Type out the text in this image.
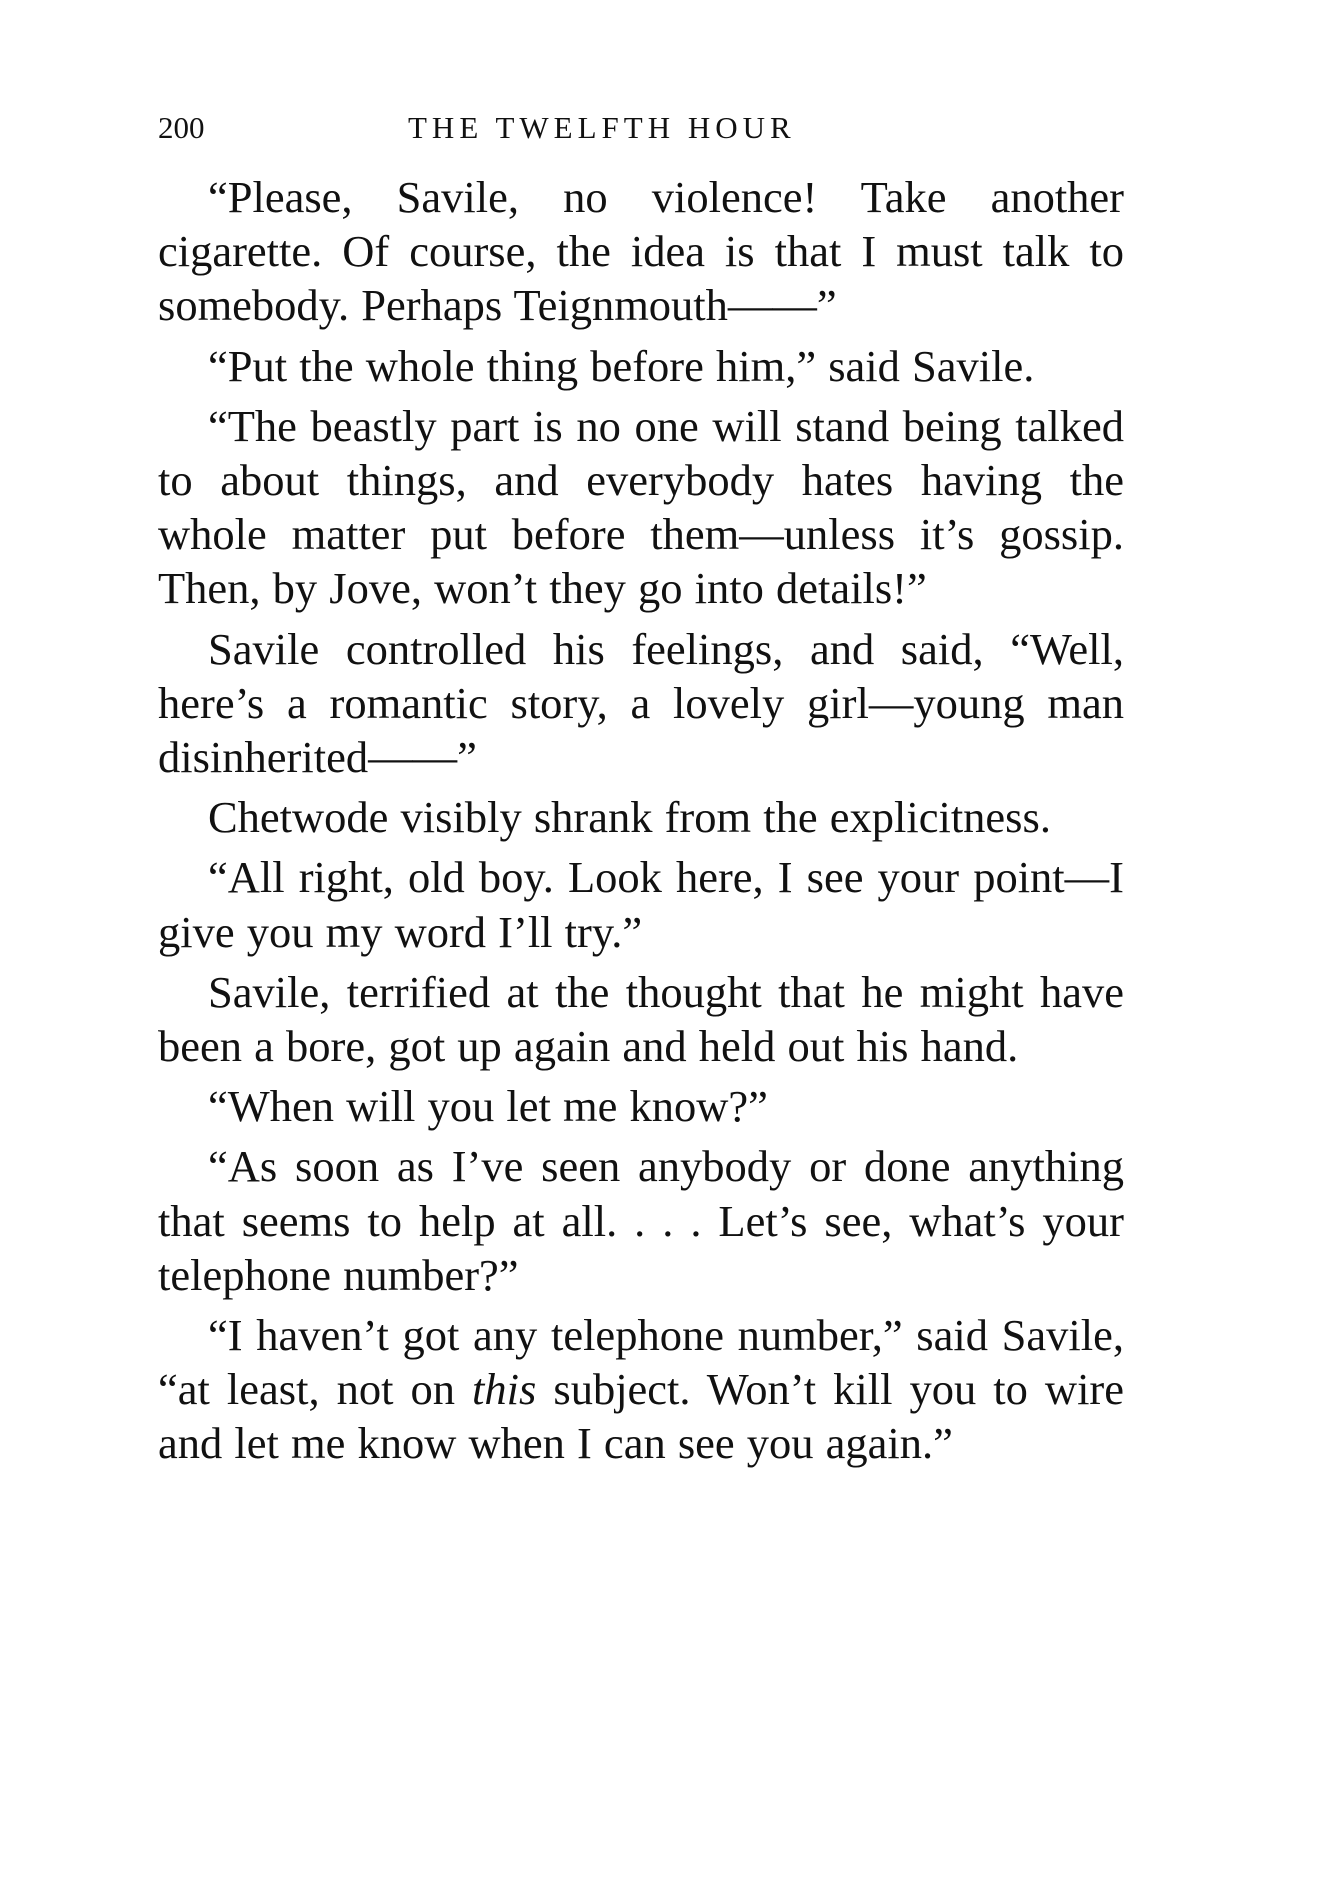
200	THE TWELFTH HOUR

“Please, Savile, no violence! Take another cigarette. Of course, the idea is that I must talk to somebody. Perhaps Teignmouth——”

“Put the whole thing before him,” said Savile.

“The beastly part is no one will stand being talked to about things, and everybody hates having the whole matter put before them—unless it’s gossip. Then, by Jove, won’t they go into details!”

Savile controlled his feelings, and said, “Well, here’s a romantic story, a lovely girl—young man disinherited——”

Chetwode visibly shrank from the explicitness.

“All right, old boy. Look here, I see your point—I give you my word I’ll try.”

Savile, terrified at the thought that he might have been a bore, got up again and held out his hand.

“When will you let me know?”

“As soon as I’ve seen anybody or done anything that seems to help at all. . . . Let’s see, what’s your telephone number?”

“I haven’t got any telephone number,” said Savile, “at least, not on this subject. Won’t kill you to wire and let me know when I can see you again.”
